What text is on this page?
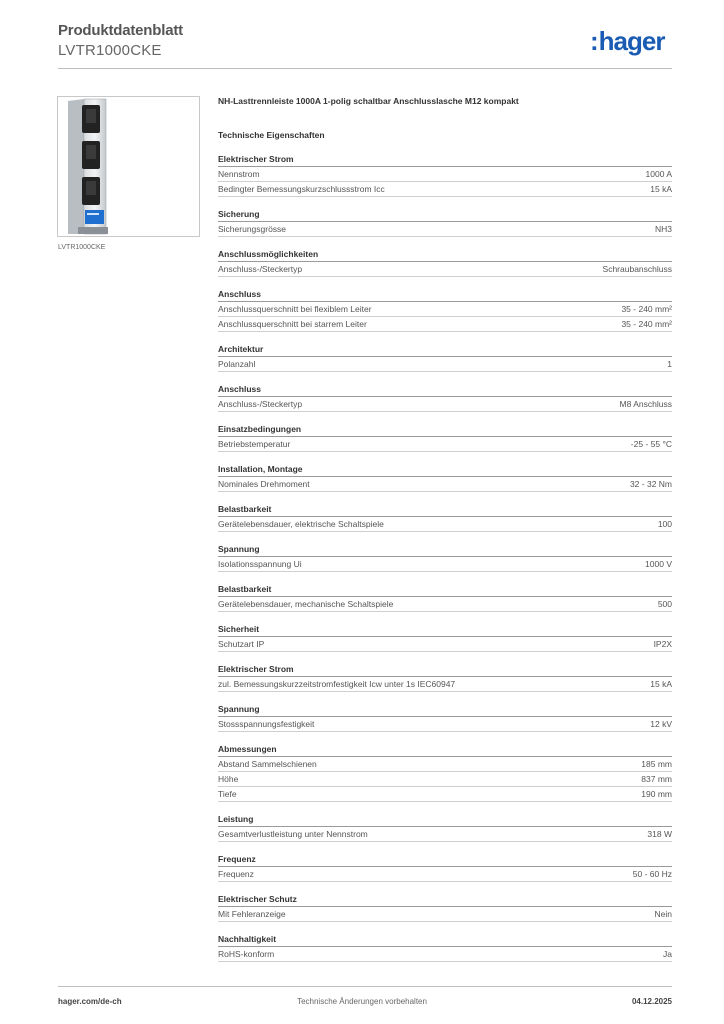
Produktdatenblatt
LVTR1000CKE	:hager
LVTR1000CKE
NH-Lasttrennleiste 1000A 1-polig schaltbar Anschlusslasche M12 kompakt
Technische Eigenschaften
Elektrischer Strom
Nennstrom	1000 A
Bedingter Bemessungskurzschlussstrom Icc	15 kA
Sicherung
Sicherungsgrösse	NH3
Anschlussmöglichkeiten
Anschluss-/Steckertyp	Schraubanschluss
Anschluss
Anschlussquerschnitt bei flexiblem Leiter	35 - 240 mm²
Anschlussquerschnitt bei starrem Leiter	35 - 240 mm²
Architektur
Polanzahl	1
Anschluss
Anschluss-/Steckertyp	M8 Anschluss
Einsatzbedingungen
Betriebstemperatur	-25 - 55 °C
Installation, Montage
Nominales Drehmoment	32 - 32 Nm
Belastbarkeit
Gerätelebensdauer, elektrische Schaltspiele	100
Spannung
Isolationsspannung Ui	1000 V
Belastbarkeit
Gerätelebensdauer, mechanische Schaltspiele	500
Sicherheit
Schutzart IP	IP2X
Elektrischer Strom
zul. Bemessungskurzzeitstromfestigkeit Icw unter 1s IEC60947	15 kA
Spannung
Stossspannungsfestigkeit	12 kV
Abmessungen
Abstand Sammelschienen	185 mm
Höhe	837 mm
Tiefe	190 mm
Leistung
Gesamtverlustleistung unter Nennstrom	318 W
Frequenz
Frequenz	50 - 60 Hz
Elektrischer Schutz
Mit Fehleranzeige	Nein
Nachhaltigkeit
RoHS-konform	Ja
hager.com/de-ch	Technische Änderungen vorbehalten	04.12.2025
